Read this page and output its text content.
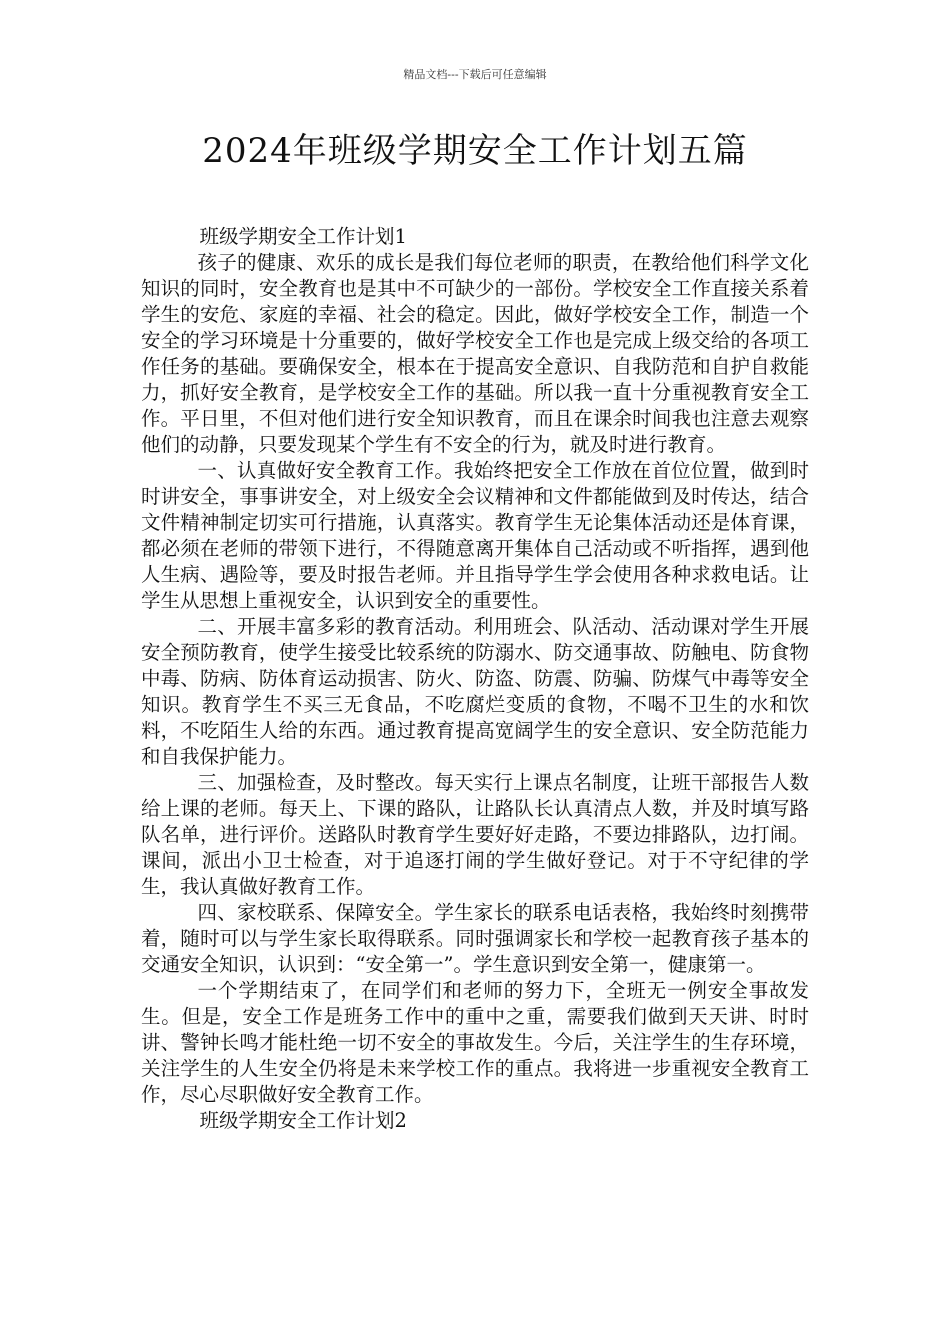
精品文档---下载后可任意编辑
2024年班级学期安全工作计划五篇

班级学期安全工作计划1

孩子的健康、欢乐的成长是我们每位老师的职责，在教给他们科学文化知识的同时，安全教育也是其中不可缺少的一部份。学校安全工作直接关系着学生的安危、家庭的幸福、社会的稳定。因此，做好学校安全工作，制造一个安全的学习环境是十分重要的，做好学校安全工作也是完成上级交给的各项工作任务的基础。要确保安全，根本在于提高安全意识、自我防范和自护自救能力，抓好安全教育，是学校安全工作的基础。所以我一直十分重视教育安全工作。平日里，不但对他们进行安全知识教育，而且在课余时间我也注意去观察他们的动静，只要发现某个学生有不安全的行为，就及时进行教育。

一、认真做好安全教育工作。我始终把安全工作放在首位位置，做到时时讲安全，事事讲安全，对上级安全会议精神和文件都能做到及时传达，结合文件精神制定切实可行措施，认真落实。教育学生无论集体活动还是体育课，都必须在老师的带领下进行，不得随意离开集体自己活动或不听指挥，遇到他人生病、遇险等，要及时报告老师。并且指导学生学会使用各种求救电话。让学生从思想上重视安全，认识到安全的重要性。

二、开展丰富多彩的教育活动。利用班会、队活动、活动课对学生开展安全预防教育，使学生接受比较系统的防溺水、防交通事故、防触电、防食物中毒、防病、防体育运动损害、防火、防盗、防震、防骗、防煤气中毒等安全知识。教育学生不买三无食品，不吃腐烂变质的食物，不喝不卫生的水和饮料，不吃陌生人给的东西。通过教育提高宽阔学生的安全意识、安全防范能力和自我保护能力。

三、加强检查，及时整改。每天实行上课点名制度，让班干部报告人数给上课的老师。每天上、下课的路队，让路队长认真清点人数，并及时填写路队名单，进行评价。送路队时教育学生要好好走路，不要边排路队，边打闹。课间，派出小卫士检查，对于追逐打闹的学生做好登记。对于不守纪律的学生，我认真做好教育工作。

四、家校联系、保障安全。学生家长的联系电话表格，我始终时刻携带着，随时可以与学生家长取得联系。同时强调家长和学校一起教育孩子基本的交通安全知识，认识到：“安全第一”。学生意识到安全第一，健康第一。

一个学期结束了，在同学们和老师的努力下，全班无一例安全事故发生。但是，安全工作是班务工作中的重中之重，需要我们做到天天讲、时时讲、警钟长鸣才能杜绝一切不安全的事故发生。今后，关注学生的生存环境，关注学生的人生安全仍将是未来学校工作的重点。我将进一步重视安全教育工作，尽心尽职做好安全教育工作。

班级学期安全工作计划2
